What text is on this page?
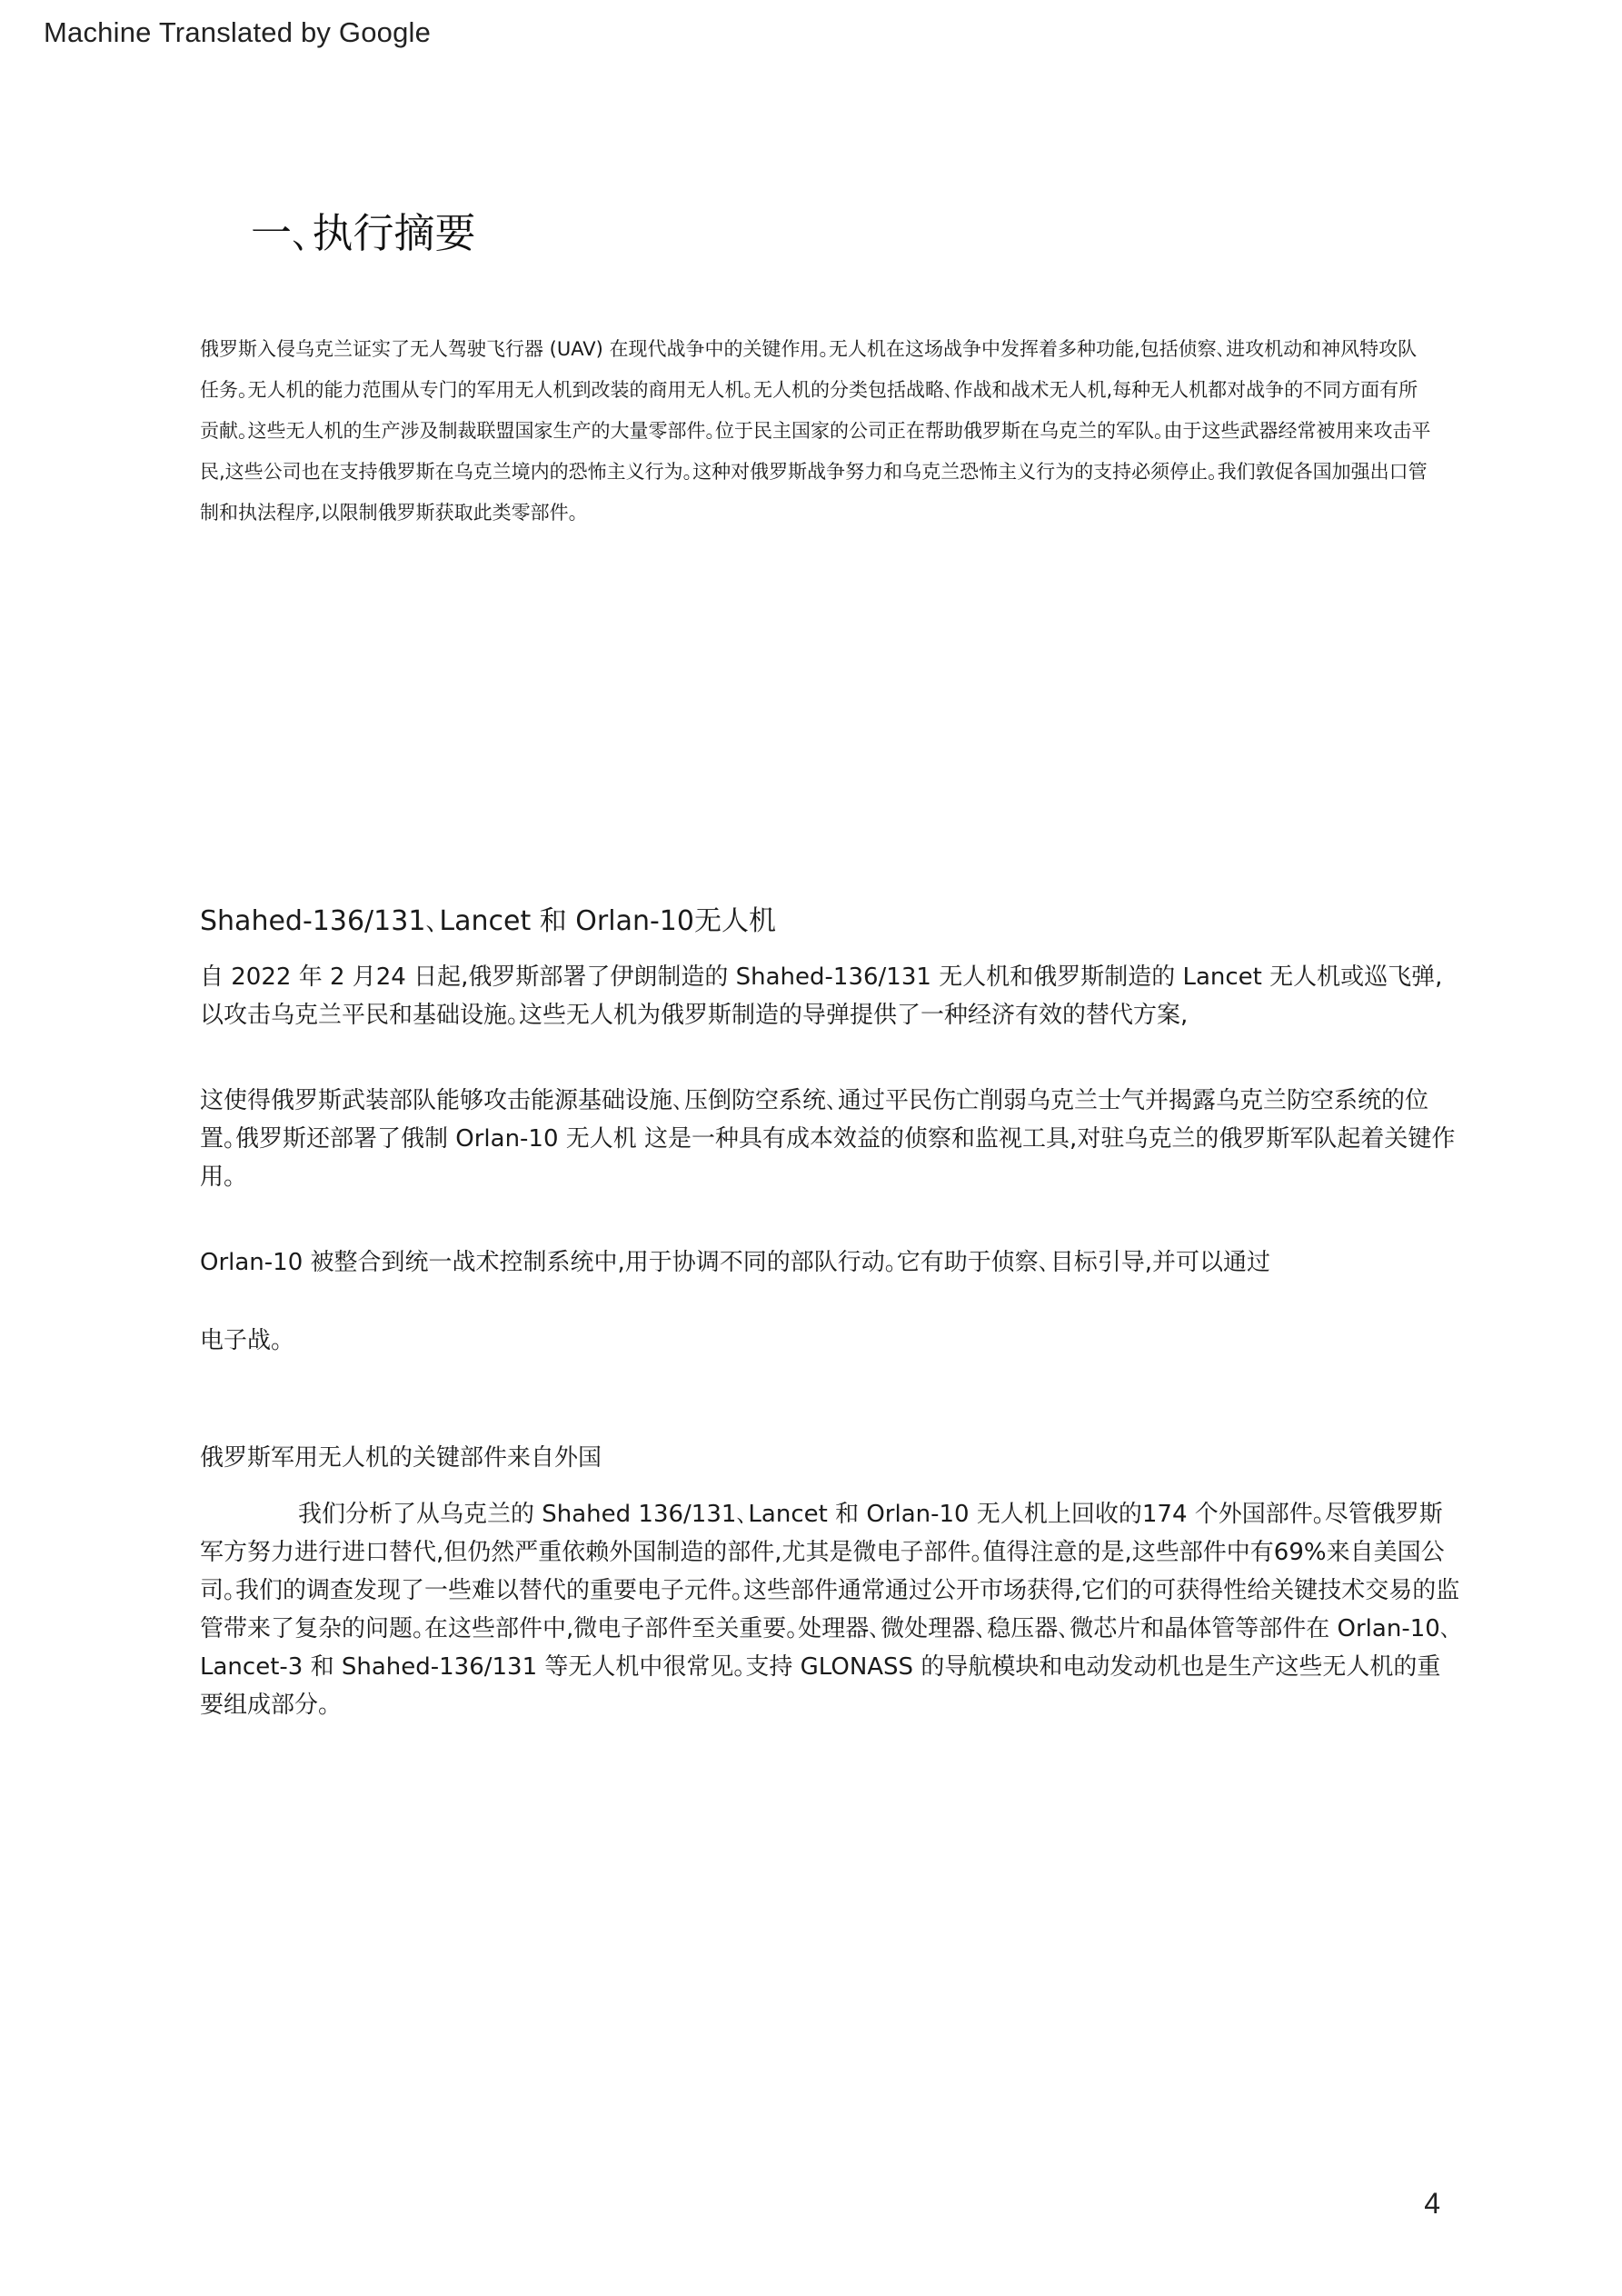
Machine Translated by Google
一､执行摘要

俄罗斯入侵乌克兰证实了无人驾驶飞行器 (UAV) 在现代战争中的关键作用｡无人机在这场战争中发挥着多种功能,包括侦察､进攻机动和神风特攻队任务｡无人机的能力范围从专门的军用无人机到改装的商用无人机｡无人机的分类包括战略､作战和战术无人机,每种无人机都对战争的不同方面有所贡献｡这些无人机的生产涉及制裁联盟国家生产的大量零部件｡位于民主国家的公司正在帮助俄罗斯在乌克兰的军队｡由于这些武器经常被用来攻击平民,这些公司也在支持俄罗斯在乌克兰境内的恐怖主义行为｡这种对俄罗斯战争努力和乌克兰恐怖主义行为的支持必须停止｡我们敦促各国加强出口管制和执法程序,以限制俄罗斯获取此类零部件｡

Shahed-136/131､Lancet 和 Orlan-10无人机

自 2022 年 2 月24 日起,俄罗斯部署了伊朗制造的 Shahed-136/131 无人机和俄罗斯制造的 Lancet 无人机或巡飞弹,以攻击乌克兰平民和基础设施｡这些无人机为俄罗斯制造的导弹提供了一种经济有效的替代方案,

这使得俄罗斯武装部队能够攻击能源基础设施､压倒防空系统､通过平民伤亡削弱乌克兰士气并揭露乌克兰防空系统的位置｡俄罗斯还部署了俄制 Orlan-10 无人机 这是一种具有成本效益的侦察和监视工具,对驻乌克兰的俄罗斯军队起着关键作用｡

Orlan-10 被整合到统一战术控制系统中,用于协调不同的部队行动｡它有助于侦察､目标引导,并可以通过

电子战｡

俄罗斯军用无人机的关键部件来自外国

我们分析了从乌克兰的 Shahed 136/131､Lancet 和 Orlan-10 无人机上回收的174 个外国部件｡尽管俄罗斯军方努力进行进口替代,但仍然严重依赖外国制造的部件,尤其是微电子部件｡值得注意的是,这些部件中有69%来自美国公司｡我们的调查发现了一些难以替代的重要电子元件｡这些部件通常通过公开市场获得,它们的可获得性给关键技术交易的监管带来了复杂的问题｡在这些部件中,微电子部件至关重要｡处理器､微处理器､稳压器､微芯片和晶体管等部件在 Orlan-10､Lancet-3 和 Shahed-136/131 等无人机中很常见｡支持 GLONASS 的导航模块和电动发动机也是生产这些无人机的重要组成部分｡

4
